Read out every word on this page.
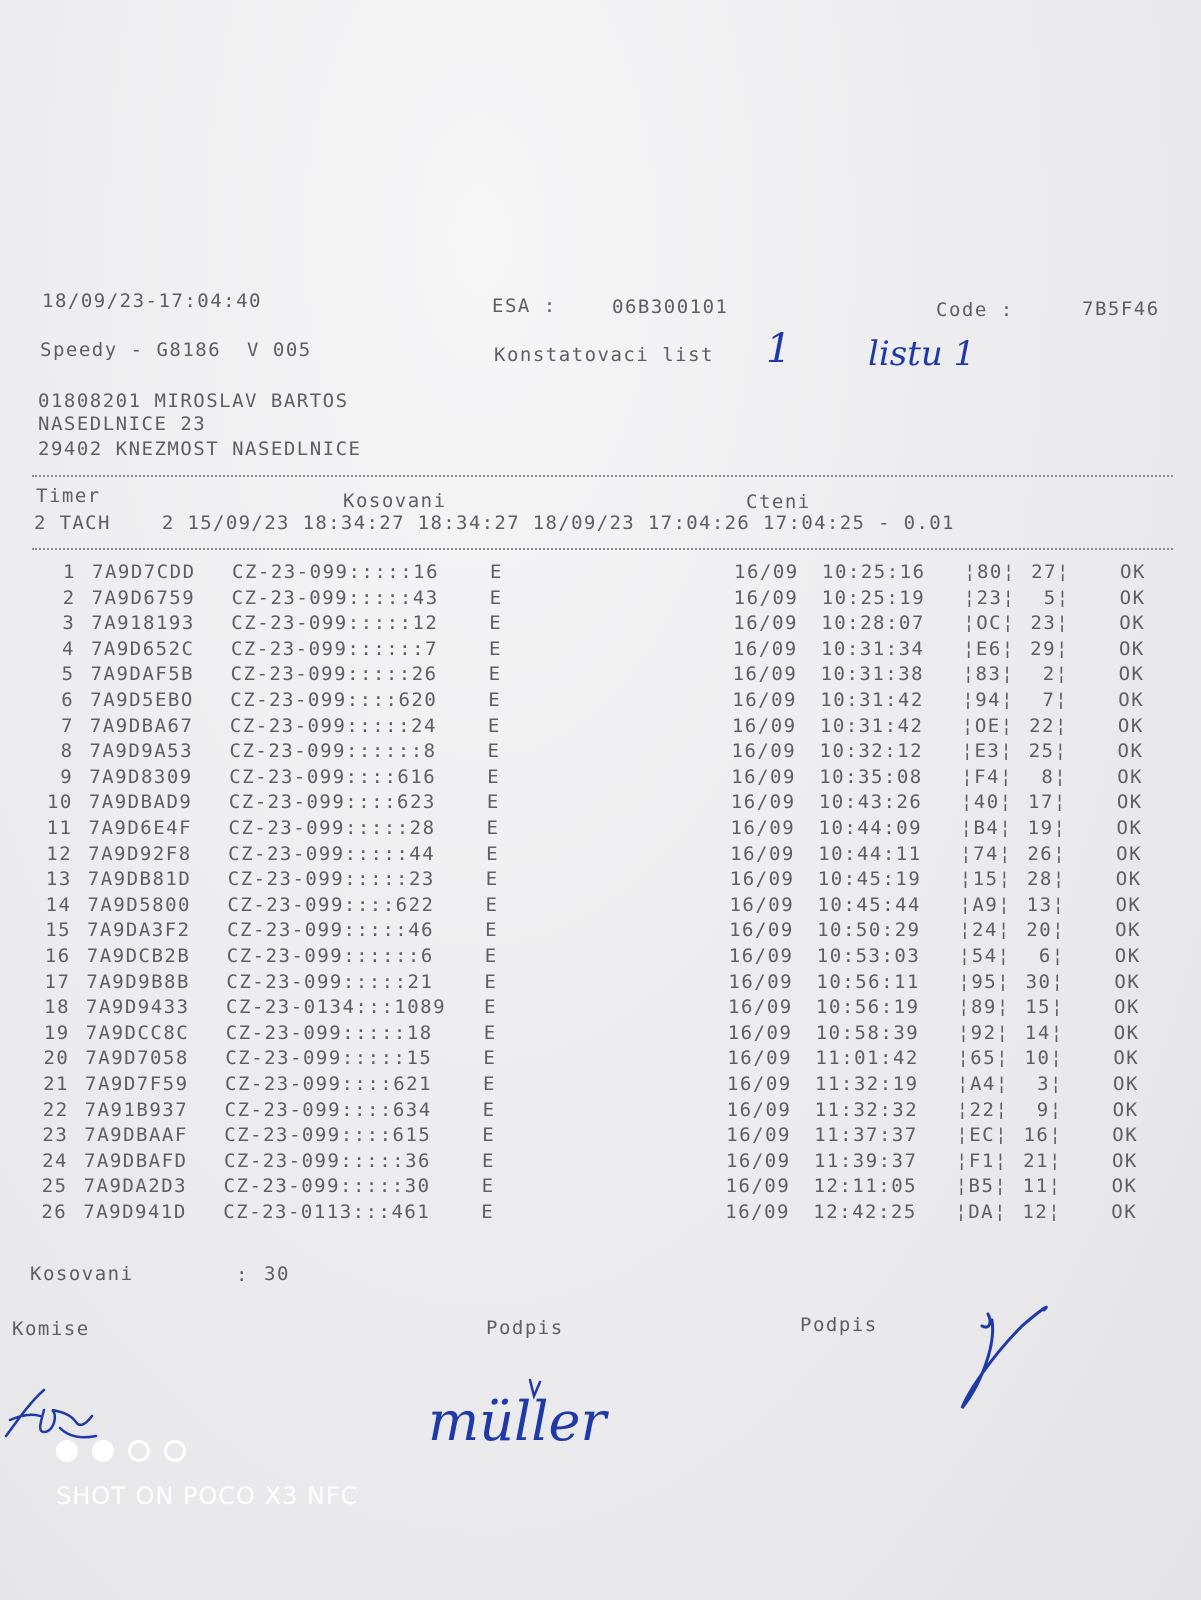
18/09/23-17:04:40	ESA :	06B300101	Code :	7B5F46
Speedy - G8186  V 005	Konstatovaci list 1 listu 1
01808201 MIROSLAV BARTOS
NASEDLNICE 23
29402 KNEZMOST NASEDLNICE
Timer	Kosovani	Cteni
2 TACH    2 15/09/23 18:34:27 18:34:27 18/09/23 17:04:26 17:04:25 - 0.01
1 7A9D7CDD CZ-23-099:::::16	E	16/09 10:25:16 ¦80¦ 27¦	OK
2 7A9D6759 CZ-23-099:::::43	E	16/09 10:25:19 ¦23¦ 5¦	OK
3 7A918193 CZ-23-099:::::12	E	16/09 10:28:07 ¦OC¦ 23¦	OK
4 7A9D652C CZ-23-099::::::7	E	16/09 10:31:34 ¦E6¦ 29¦	OK
5 7A9DAF5B CZ-23-099:::::26	E	16/09 10:31:38 ¦83¦ 2¦	OK
6 7A9D5EBO CZ-23-099::::620	E	16/09 10:31:42 ¦94¦ 7¦	OK
7 7A9DBA67 CZ-23-099:::::24	E	16/09 10:31:42 ¦OE¦ 22¦	OK
8 7A9D9A53 CZ-23-099::::::8	E	16/09 10:32:12 ¦E3¦ 25¦	OK
9 7A9D8309 CZ-23-099::::616	E	16/09 10:35:08 ¦F4¦ 8¦	OK
10 7A9DBAD9 CZ-23-099::::623	E	16/09 10:43:26 ¦40¦ 17¦	OK
11 7A9D6E4F CZ-23-099:::::28	E	16/09 10:44:09 ¦B4¦ 19¦	OK
12 7A9D92F8 CZ-23-099:::::44	E	16/09 10:44:11 ¦74¦ 26¦	OK
13 7A9DB81D CZ-23-099:::::23	E	16/09 10:45:19 ¦15¦ 28¦	OK
14 7A9D5800 CZ-23-099::::622	E	16/09 10:45:44 ¦A9¦ 13¦	OK
15 7A9DA3F2 CZ-23-099:::::46	E	16/09 10:50:29 ¦24¦ 20¦	OK
16 7A9DCB2B CZ-23-099::::::6	E	16/09 10:53:03 ¦54¦ 6¦	OK
17 7A9D9B8B CZ-23-099:::::21	E	16/09 10:56:11 ¦95¦ 30¦	OK
18 7A9D9433 CZ-23-0134:::1089 E	16/09 10:56:19 ¦89¦ 15¦	OK
19 7A9DCC8C CZ-23-099:::::18	E	16/09 10:58:39 ¦92¦ 14¦	OK
20 7A9D7058 CZ-23-099:::::15	E	16/09 11:01:42 ¦65¦ 10¦	OK
21 7A9D7F59 CZ-23-099::::621	E	16/09 11:32:19 ¦A4¦ 3¦	OK
22 7A91B937 CZ-23-099::::634	E	16/09 11:32:32 ¦22¦ 9¦	OK
23 7A9DBAAF CZ-23-099::::615	E	16/09 11:37:37 ¦EC¦ 16¦	OK
24 7A9DBAFD CZ-23-099:::::36	E	16/09 11:39:37 ¦F1¦ 21¦	OK
25 7A9DA2D3 CZ-23-099:::::30	E	16/09 12:11:05 ¦B5¦ 11¦	OK
26 7A9D941D CZ-23-0113:::461	E	16/09 12:42:25 ¦DA¦ 12¦	OK
Kosovani	: 30
Komise	Podpis	Podpis
müller
SHOT ON POCO X3 NFC
